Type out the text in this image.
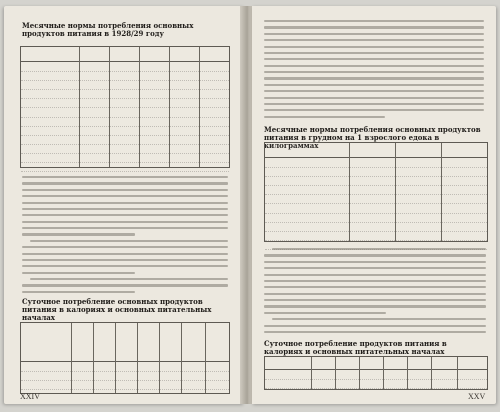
Месячные нормы потребления основных продуктов питания в 1928/29 году
Суточное потребление основных продуктов питания в калориях и основных питательных началах
XXIV
Месячные нормы потребления основных продуктов питания в грудном на 1 взрослого едока в килограммах
Суточное потребление продуктов питания в калориях и основных питательных началах
XXV
